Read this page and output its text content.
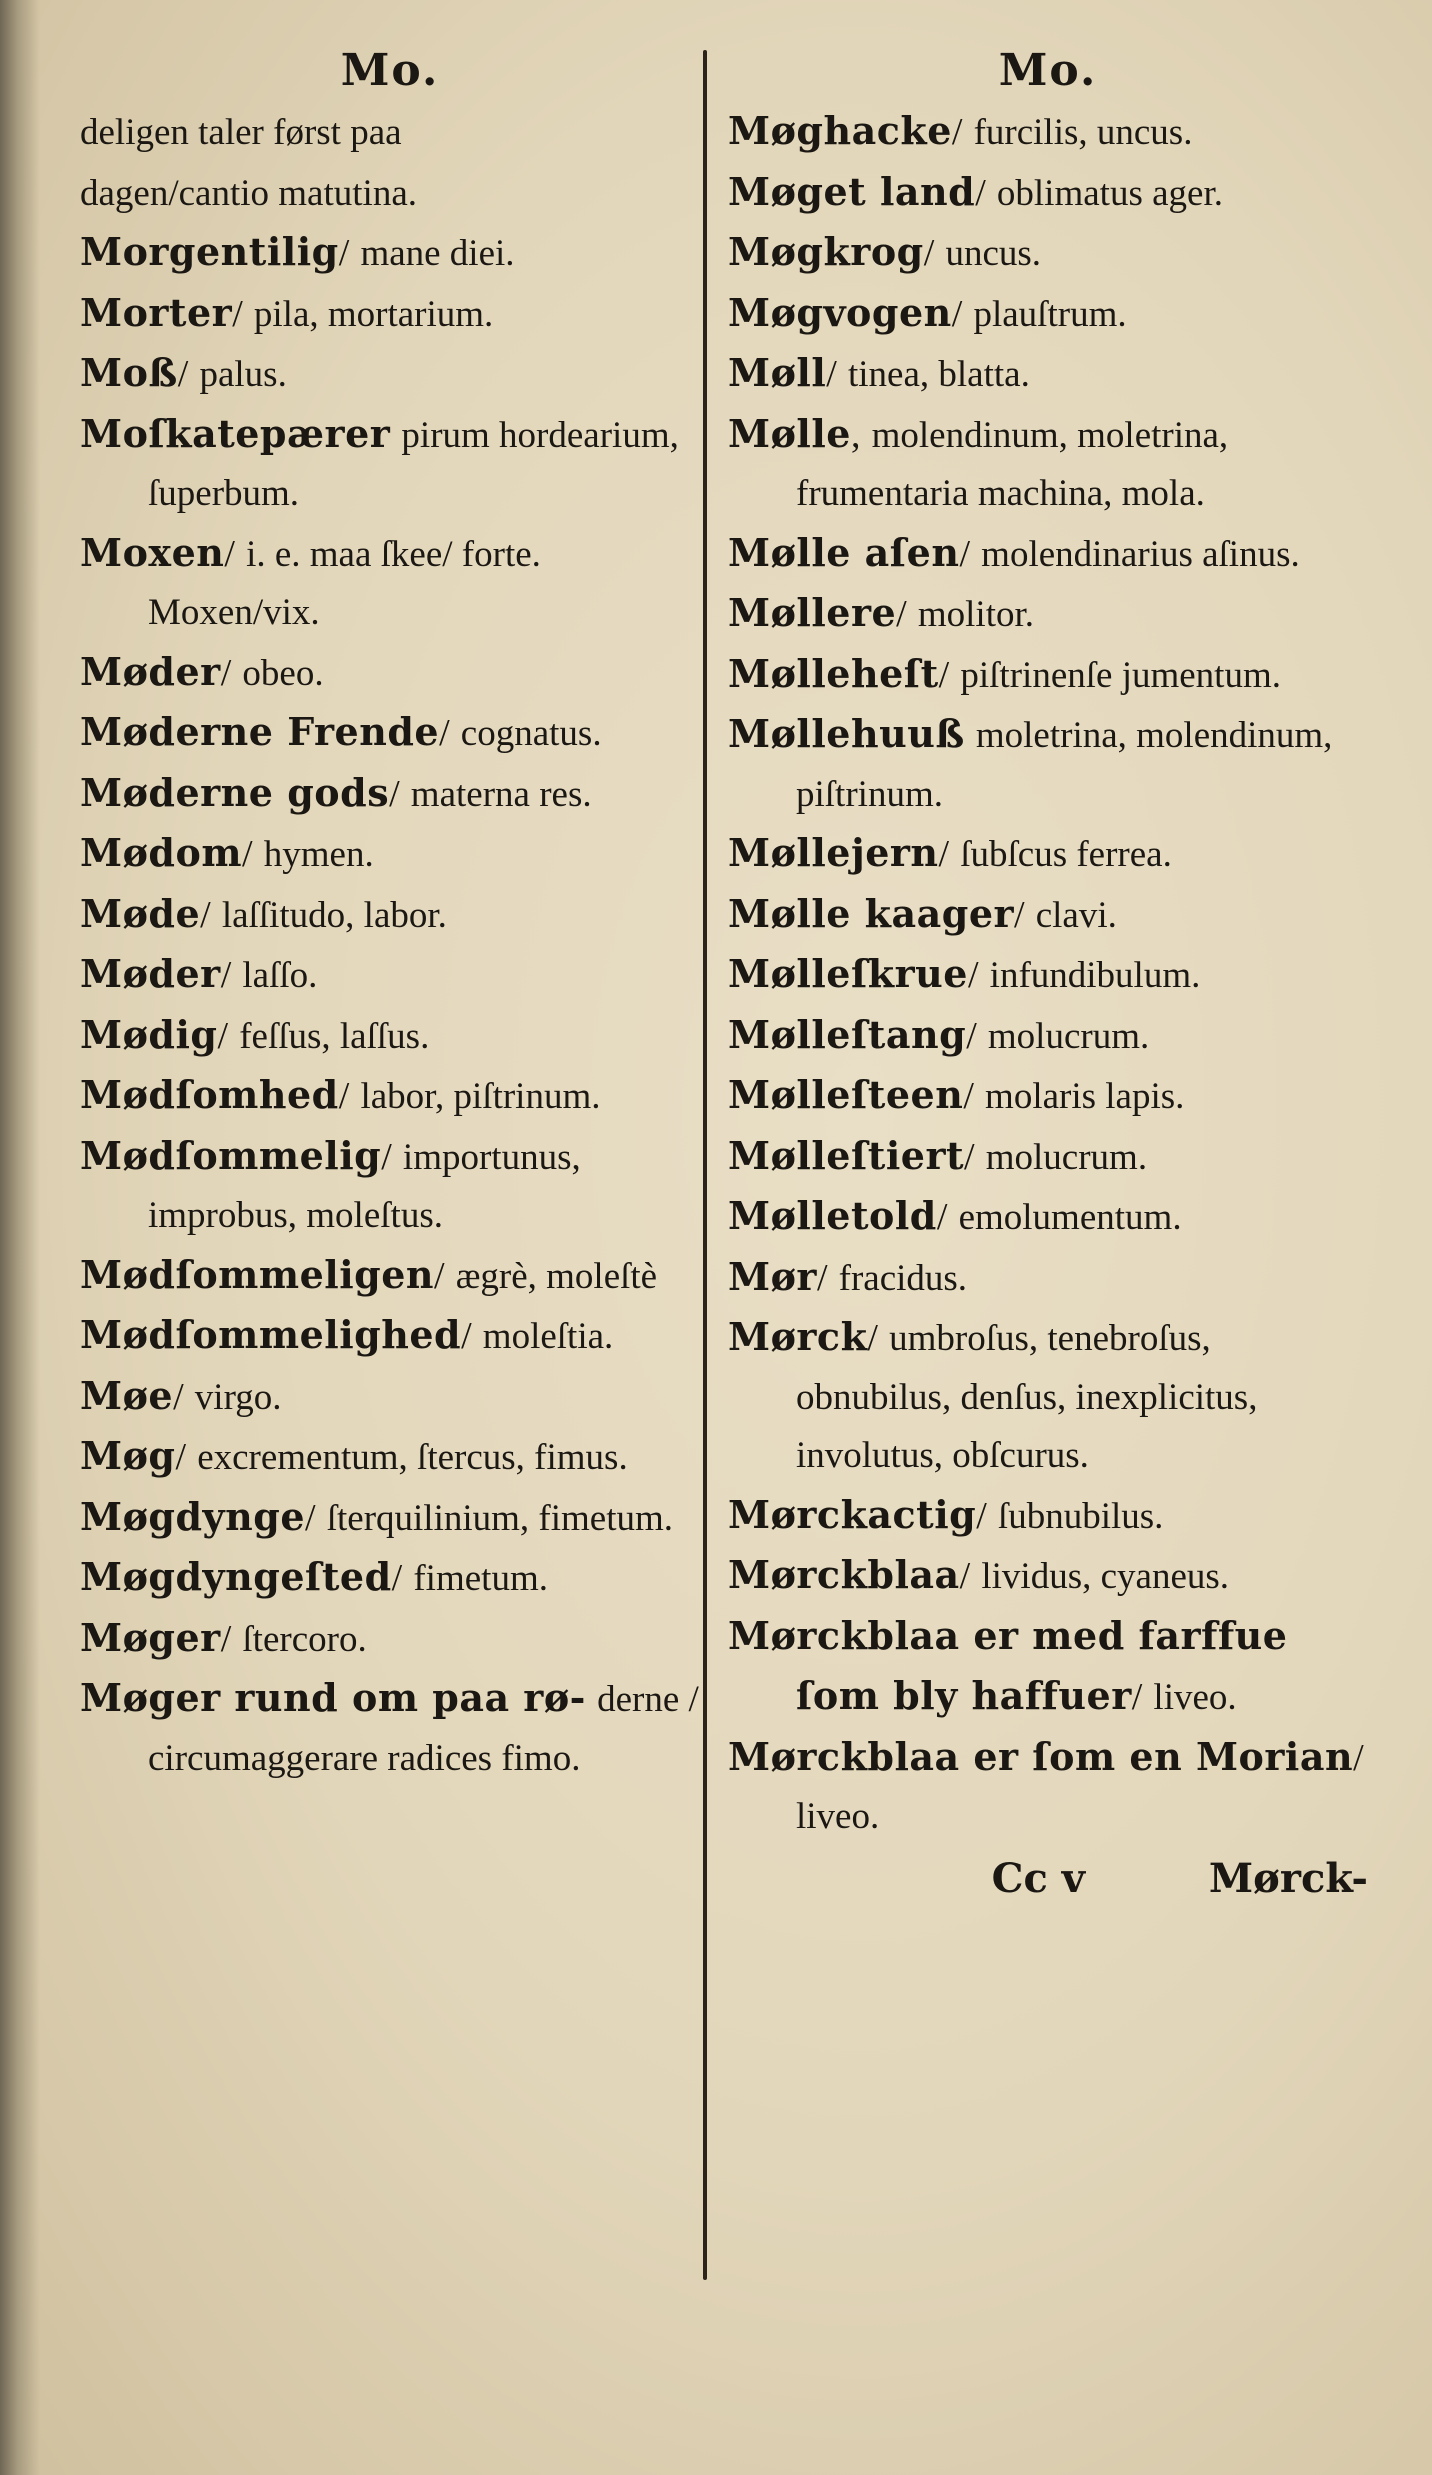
Mo.
deligen taler først paa
dagen/cantio matutina.
Morgentilig/ mane diei.
Morter/ pila, mortarium.
Moß/ palus.
Moſkatepærer pirum hordearium, ſuperbum.
Moxen/ i. e. maa ſkee/ forte. Moxen/vix.
Møder/ obeo.
Møderne Frende/ cognatus.
Møderne gods/ materna res.
Mødom/ hymen.
Møde/ laſſitudo, labor.
Møder/ laſſo.
Mødig/ feſſus, laſſus.
Mødſomhed/ labor, piſtrinum.
Mødſommelig/ importunus, improbus, moleſtus.
Mødſommeligen/ ægrè, moleſtè
Mødſommelighed/ moleſtia.
Møe/ virgo.
Møg/ excrementum, ſtercus, fimus.
Møgdynge/ ſterquilinium, fimetum.
Møgdyngeſted/ fimetum.
Møger/ ſtercoro.
Møger rund om paa rø- derne / circumaggerare radices fimo.
Mo.
Møghacke/ furcilis, uncus.
Møget land/ oblimatus ager.
Møgkrog/ uncus.
Møgvogen/ plauſtrum.
Møll/ tinea, blatta.
Mølle, molendinum, moletrina, frumentaria machina, mola.
Mølle aſen/ molendinarius aſinus.
Møllere/ molitor.
Mølleheſt/ piſtrinenſe jumentum.
Møllehuuß moletrina, molendinum, piſtrinum.
Møllejern/ ſubſcus ferrea.
Mølle kaager/ clavi.
Mølleſkrue/ infundibulum.
Mølleſtang/ molucrum.
Mølleſteen/ molaris lapis.
Mølleſtiert/ molucrum.
Mølletold/ emolumentum.
Mør/ fracidus.
Mørck/ umbroſus, tenebroſus, obnubilus, denſus, inexplicitus, involutus, obſcurus.
Mørckactig/ ſubnubilus.
Mørckblaa/ lividus, cyaneus.
Mørckblaa er med farffue ſom bly haffuer/ liveo.
Mørckblaa er ſom en Morian/ liveo.
Cc v	Mørck-
